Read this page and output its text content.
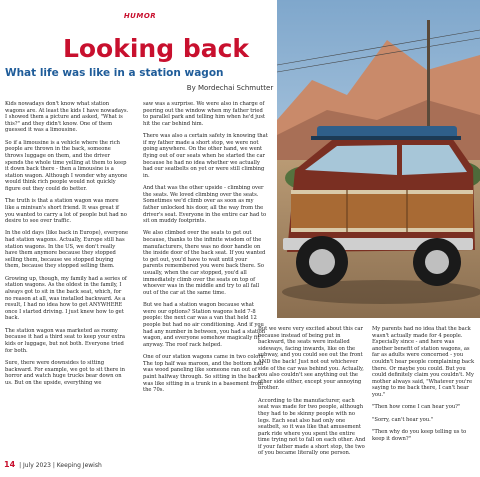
HUMOR
Looking back
What life was like in a station wagon
By Mordechai Schmutter

Kids nowadays don't know what station wagons are. At least the kids I have nowadays. I showed them a picture and asked, "What is this?" and they didn't know. One of them guessed it was a limousine.

So if a limousine is a vehicle where the rich people are thrown in the back, someone throws luggage on them, and the driver spends the whole time yelling at them to keep it down back there - then a limousine is a station wagon. Although I wonder why anyone would think rich people would not quickly figure out they could do better.

The truth is that a station wagon was more like a minivan's short friend. It was great if you wanted to carry a lot of people but had no desire to see over traffic.

In the old days (like back in Europe), everyone had station wagons. Actually, Europe still has station wagons. In the US, we don't really have them anymore because they stopped selling them, because we stopped buying them, because they stopped selling them.

Growing up, though, my family had a series of station wagons. As the oldest in the family, I always got to sit in the back seat, which, for no reason at all, was installed backward. As a result, I had no idea how to get ANYWHERE once I started driving. I just knew how to get back.

The station wagon was marketed as roomy because it had a third seat to keep your extra kids or luggage, but not both. Everyone tried for both.

Sure, there were downsides to sitting backward. For example, we got to sit there in horror and watch huge trucks bear down on us. But on the upside, everything we

saw was a surprise. We were also in charge of peering out the window when my father tried to parallel park and telling him when he'd just hit the car behind him.

There was also a certain safety in knowing that if my father made a short stop, we were not going anywhere. On the other hand, we went flying out of our seats when he started the car because he had no idea whether we actually had our seatbelts on yet or were still climbing in.

And that was the other upside - climbing over the seats. We loved climbing over the seats. Sometimes we'd climb over as soon as my father unlocked his door, all the way from the driver's seat. Everyone in the entire car had to sit on muddy footprints.

We also climbed over the seats to get out because, thanks to the infinite wisdom of the manufacturers, there was no door handle on the inside door of the back seat. If you wanted to get out, you'd have to wait until your parents remembered you were back there. So usually, when the car stopped, you'd all immediately climb over the seats on top of whoever was in the middle and try to all fall out of the car at the same time.

But we had a station wagon because what were our options? Station wagons held 7-8 people: the next car was a van that held 12 people but had no air conditioning. And if you had any number in between, you had a station wagon, and everyone somehow magically fit anyway. The roof rack helped.

One of our station wagons came in two colors. The top half was maroon, and the bottom half was wood paneling like someone ran out of paint halfway through. So sitting in the back was like sitting in a trunk in a basement from the 70s.

But we were very excited about this car because instead of being put in backward, the seats were installed sideways, facing inwards, like on the subway, and you could see out the front AND the back! Just not out whichever side of the car was behind you. Actually, you also couldn't see anything out the other side either, except your annoying brother.

According to the manufacturer, each seat was made for two people, although they had to be skinny people with no legs. Each seat also had only one seatbelt, so it was like that amusement park ride where you spent the entire time trying not to fall on each other. And if your father made a short stop, the two of you became literally one person.

My parents had no idea that the back wasn't actually made for 4 people. Especially since - and here was another benefit of station wagons, as far as adults were concerned - you couldn't hear people complaining back there. Or maybe you could. But you could definitely claim you couldn't. My mother always said, "Whatever you're saying to me back there, I can't hear you."

"Then how come I can hear you?"

"Sorry, can't hear you."

"Then why do you keep telling us to keep it down?"

14 | July 2023 | Keeping Jewish
